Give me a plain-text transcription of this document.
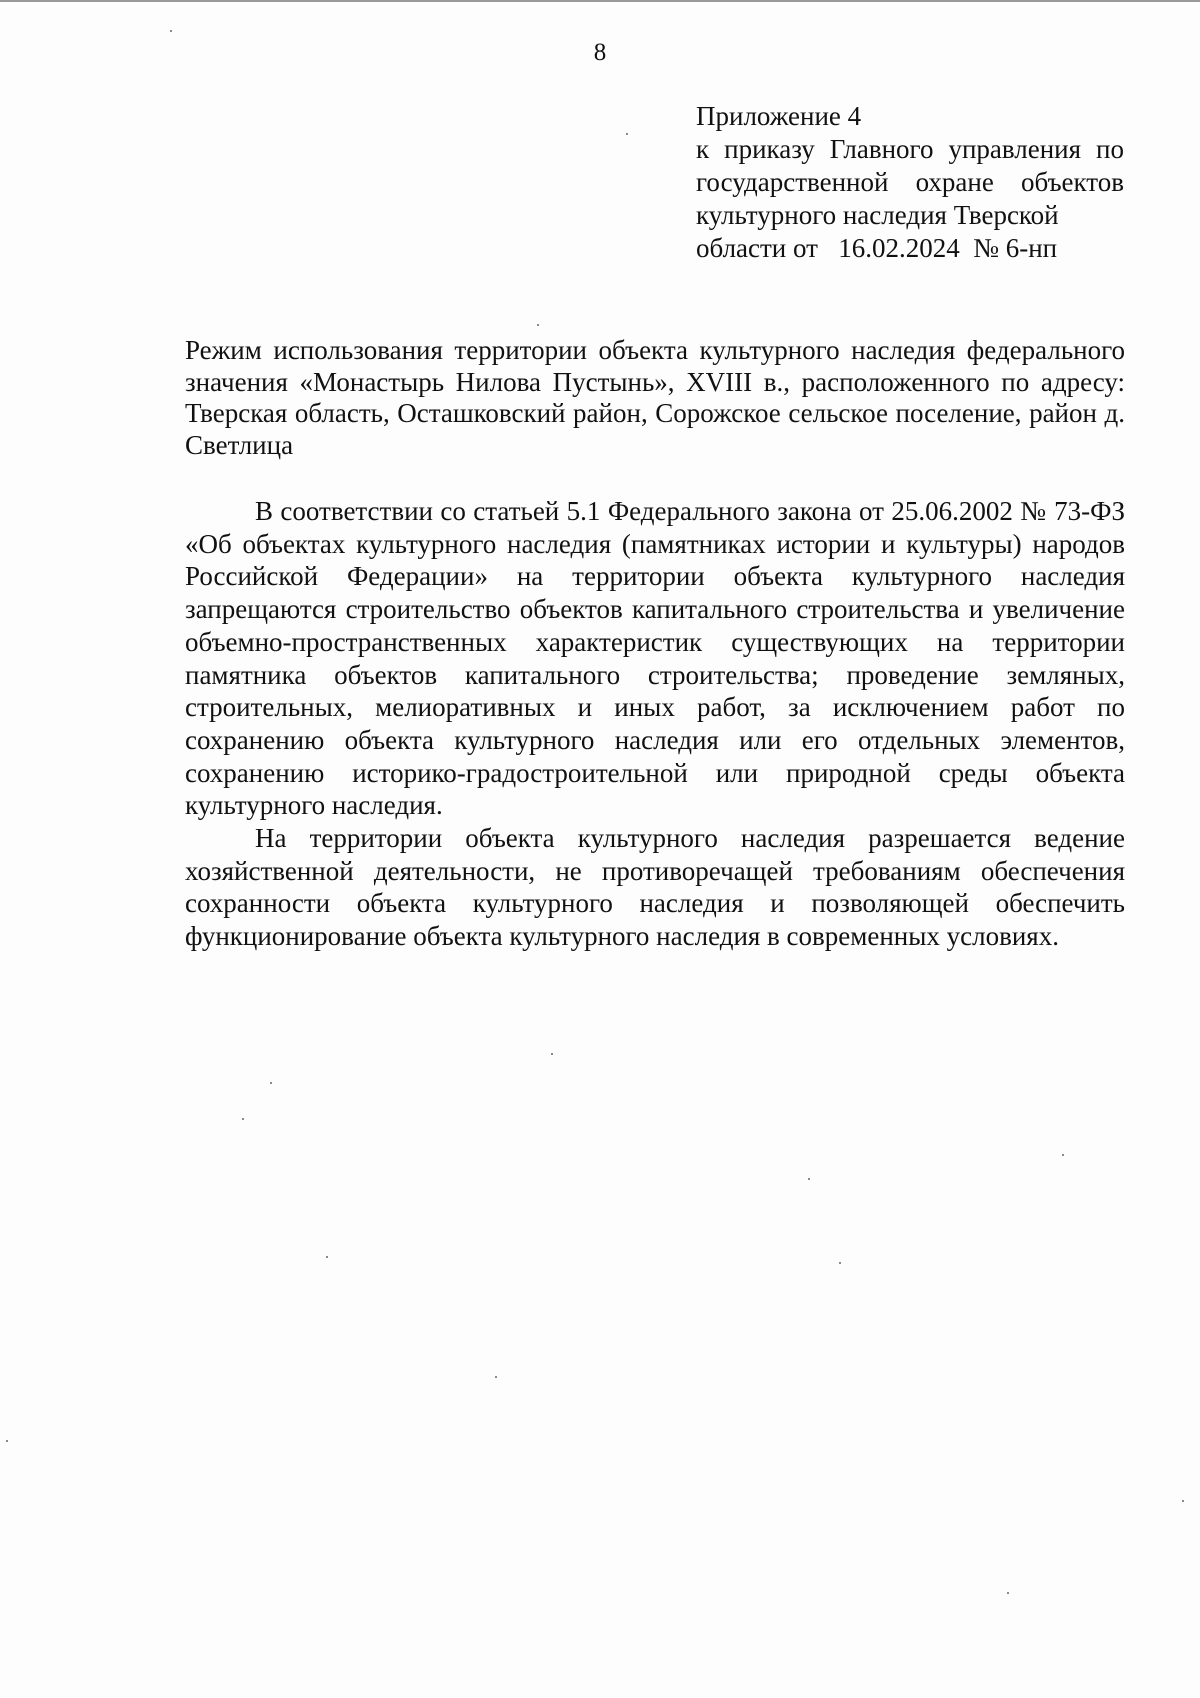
8
Приложение 4
к приказу Главного управления по государственной охране объектов культурного наследия Тверской
области от   16.02.2024  № 6-нп
Режим использования территории объекта культурного наследия федерального значения «Монастырь Нилова Пустынь», XVIII в., расположенного по адресу: Тверская область, Осташковский район, Сорожское сельское поселение, район д. Светлица

В соответствии со статьей 5.1 Федерального закона от 25.06.2002 № 73-ФЗ «Об объектах культурного наследия (памятниках истории и культуры) народов Российской Федерации» на территории объекта культурного наследия запрещаются строительство объектов капитального строительства и увеличение объемно-пространственных характеристик существующих на территории памятника объектов капитального строительства; проведение земляных, строительных, мелиоративных и иных работ, за исключением работ по сохранению объекта культурного наследия или его отдельных элементов, сохранению историко-градостроительной или природной среды объекта культурного наследия.

На территории объекта культурного наследия разрешается ведение хозяйственной деятельности, не противоречащей требованиям обеспечения сохранности объекта культурного наследия и позволяющей обеспечить функционирование объекта культурного наследия в современных условиях.
